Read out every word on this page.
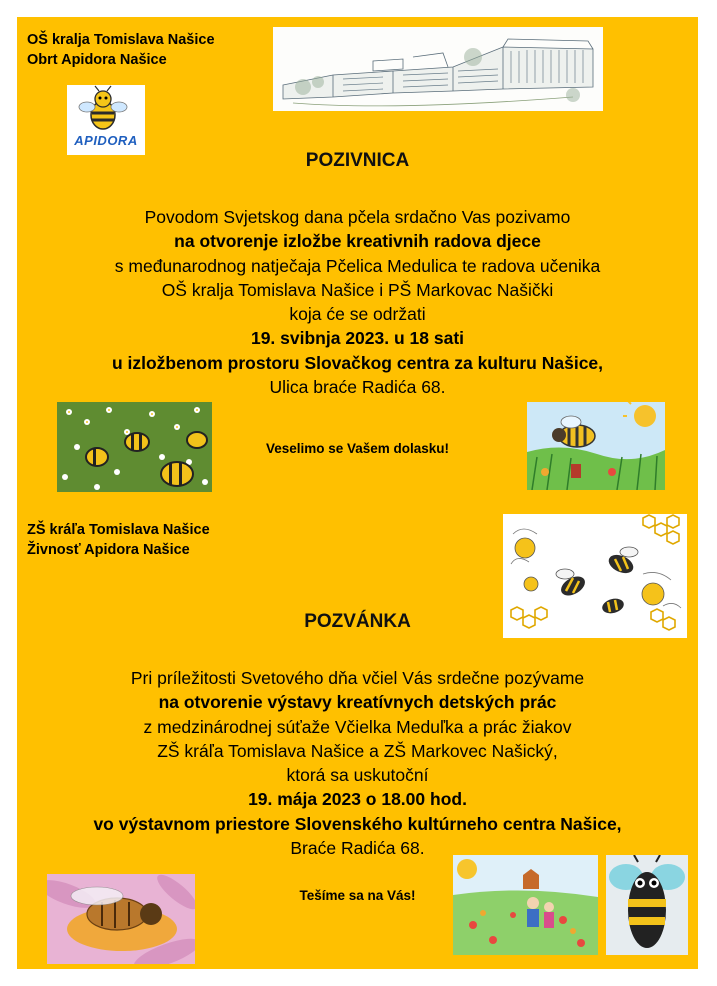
OŠ kralja Tomislava Našice
Obrt Apidora Našice
APIDORA
POZIVNICA
Povodom Svjetskog dana pčela srdačno Vas pozivamo
na otvorenje izložbe kreativnih radova djece
s međunarodnog natječaja Pčelica Medulica te radova učenika
OŠ kralja Tomislava Našice i PŠ Markovac Našički
koja će se održati
19. svibnja 2023. u 18 sati
u izložbenom prostoru Slovačkog centra za kulturu Našice,
Ulica braće Radića 68.
Veselimo se Vašem dolasku!
ZŠ kráľa Tomislava Našice
Živnosť Apidora Našice
POZVÁNKA
Pri príležitosti Svetového dňa včiel Vás srdečne pozývame
na otvorenie výstavy kreatívnych detských prác
z medzinárodnej súťaže Včielka Meduľka a prác žiakov
ZŠ kráľa Tomislava Našice a ZŠ Markovec Našický,
ktorá sa uskutoční
19. mája 2023 o 18.00 hod.
vo výstavnom priestore Slovenského kultúrneho centra Našice,
Braće Radića 68.
Tešíme sa na Vás!
